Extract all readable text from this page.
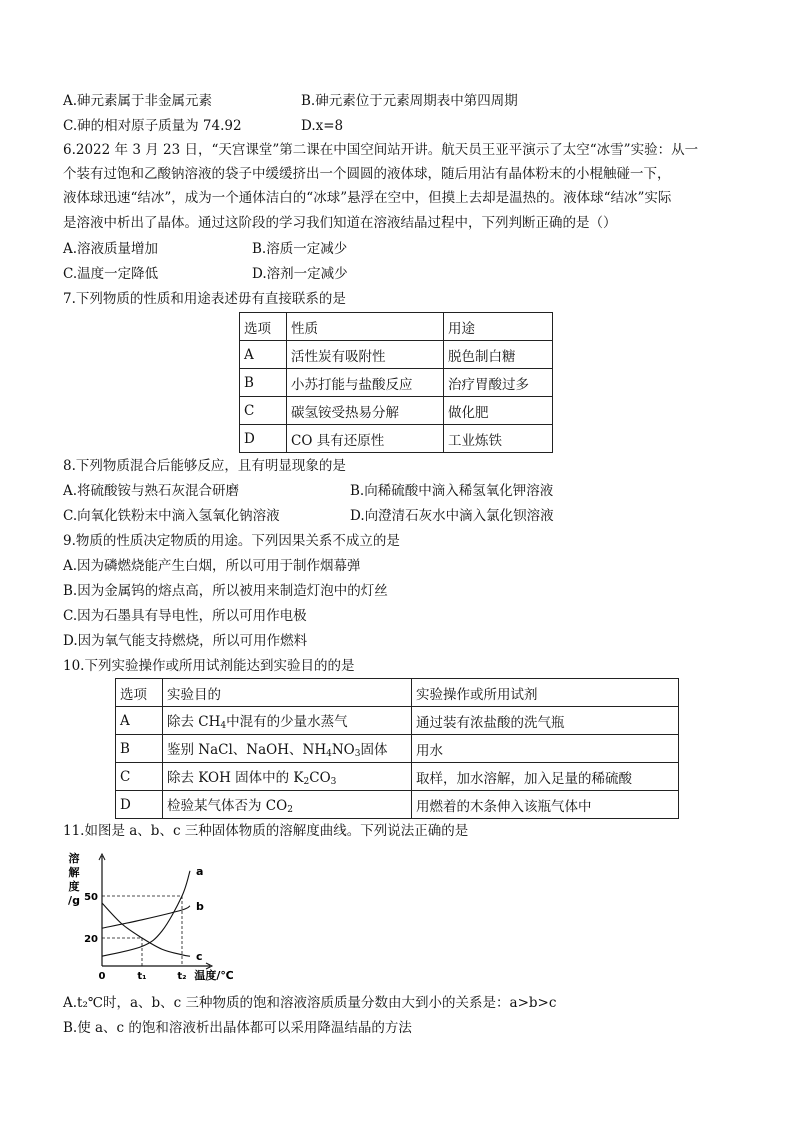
A.砷元素属于非金属元素	B.砷元素位于元素周期表中第四周期
C.砷的相对原子质量为 74.92	D.x=8
6.2022 年 3 月 23 日，“天宫课堂”第二课在中国空间站开讲。航天员王亚平演示了太空“冰雪”实验：从一
个装有过饱和乙酸钠溶液的袋子中缓缓挤出一个圆圆的液体球，随后用沾有晶体粉末的小棍触碰一下，
液体球迅速“结冰”，成为一个通体洁白的“冰球”悬浮在空中，但摸上去却是温热的。液体球“结冰”实际
是溶液中析出了晶体。通过这阶段的学习我们知道在溶液结晶过程中，下列判断正确的是（）
A.溶液质量增加	B.溶质一定减少
C.温度一定降低	D.溶剂一定减少
7.下列物质的性质和用途表述毋有直接联系的是
选项	性质	用途
A	活性炭有吸附性	脱色制白糖
B	小苏打能与盐酸反应	治疗胃酸过多
C	碳氢铵受热易分解	做化肥
D	CO 具有还原性	工业炼铁
8.下列物质混合后能够反应，且有明显现象的是
A.将硫酸铵与熟石灰混合研磨	B.向稀硫酸中滴入稀氢氧化钾溶液
C.向氧化铁粉末中滴入氢氧化钠溶液	D.向澄清石灰水中滴入氯化钡溶液
9.物质的性质决定物质的用途。下列因果关系不成立的是
A.因为磷燃烧能产生白烟，所以可用于制作烟幕弹
B.因为金属钨的熔点高，所以被用来制造灯泡中的灯丝
C.因为石墨具有导电性，所以可用作电极
D.因为氧气能支持燃烧，所以可用作燃料
10.下列实验操作或所用试剂能达到实验目的的是
选项	实验目的	实验操作或所用试剂
A	除去 $CH_4$中混有的少量水蒸气	通过装有浓盐酸的洗气瓶
B	鉴别 NaCl、NaOH、$NH_4NO_3$固体	用水
C	除去 KOH 固体中的 $K_2CO_3$	取样，加水溶解，加入足量的稀硫酸
D	检验某气体否为 $CO_2$	用燃着的木条伸入该瓶气体中
11.如图是 a、b、c 三种固体物质的溶解度曲线。下列说法正确的是
溶
解
度
/g
温度/℃
20
50
0	t₁	t₂
a
b
c
A.t₂℃时，a、b、c 三种物质的饱和溶液溶质质量分数由大到小的关系是：a>b>c
B.使 a、c 的饱和溶液析出晶体都可以采用降温结晶的方法
